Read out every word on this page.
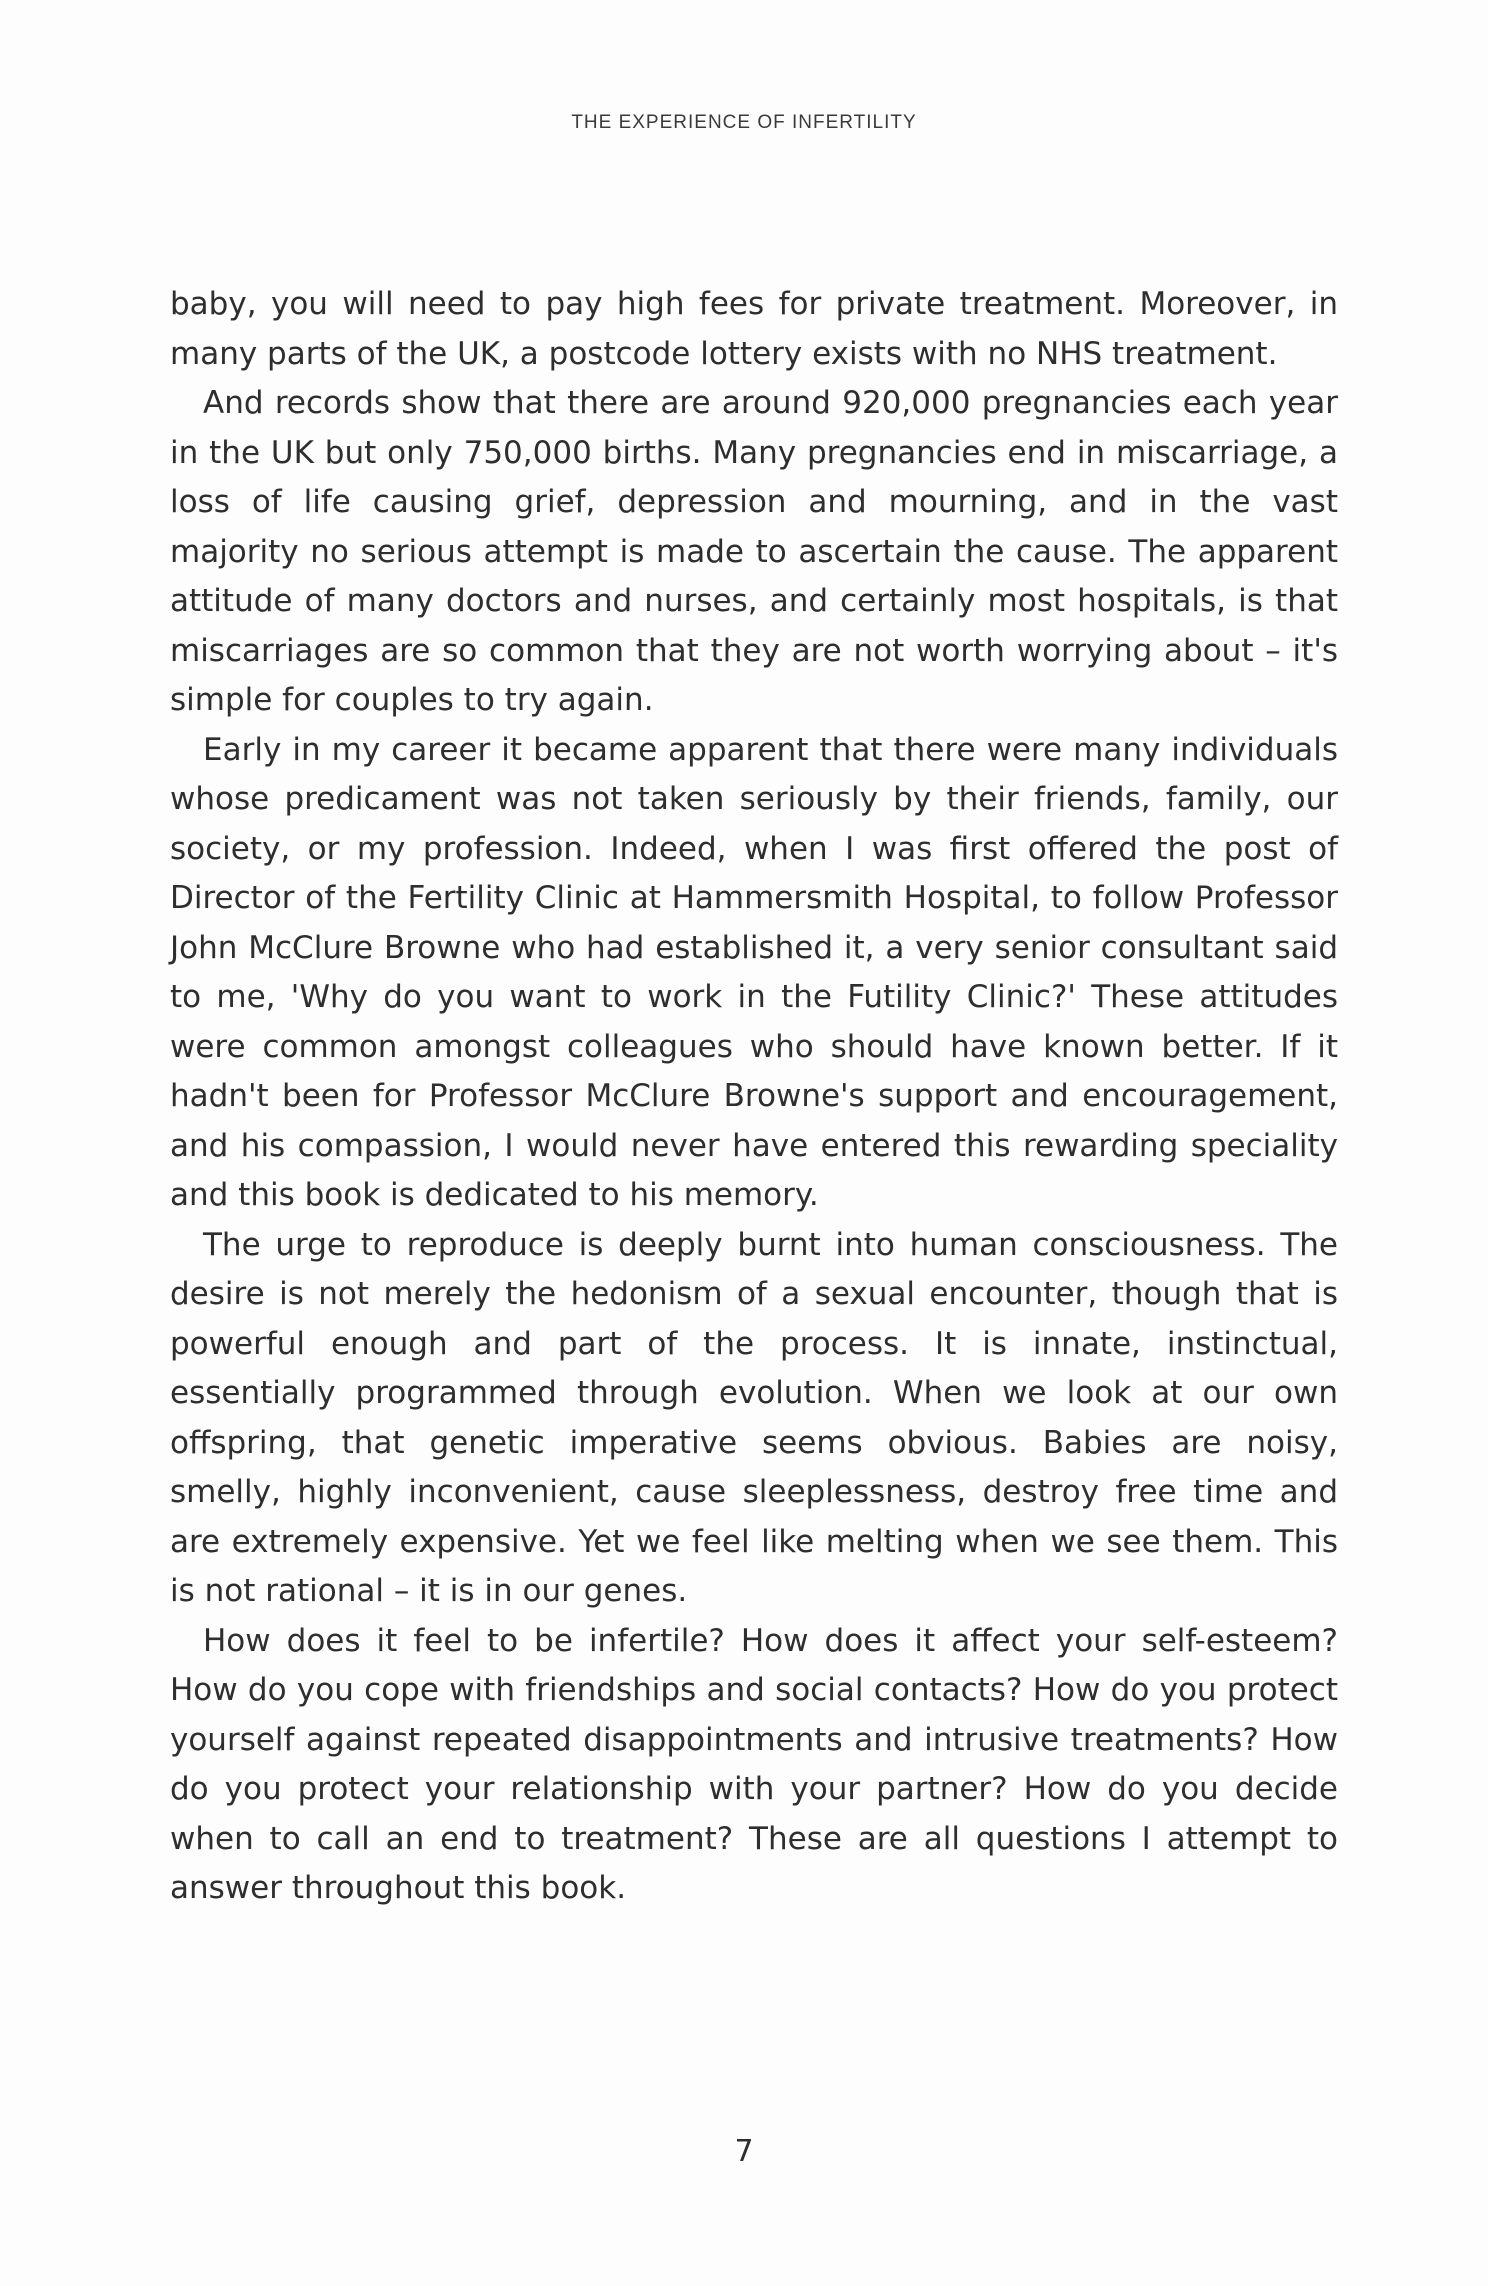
THE EXPERIENCE OF INFERTILITY

baby, you will need to pay high fees for private treatment. Moreover, in many parts of the UK, a postcode lottery exists with no NHS treatment.

And records show that there are around 920,000 pregnancies each year in the UK but only 750,000 births. Many pregnancies end in miscarriage, a loss of life causing grief, depression and mourning, and in the vast majority no serious attempt is made to ascertain the cause. The apparent attitude of many doctors and nurses, and certainly most hospitals, is that miscarriages are so common that they are not worth worrying about – it's simple for couples to try again.

Early in my career it became apparent that there were many individuals whose predicament was not taken seriously by their friends, family, our society, or my profession. Indeed, when I was first offered the post of Director of the Fertility Clinic at Hammersmith Hospital, to follow Professor John McClure Browne who had established it, a very senior consultant said to me, 'Why do you want to work in the Futility Clinic?' These attitudes were common amongst colleagues who should have known better. If it hadn't been for Professor McClure Browne's support and encouragement, and his compassion, I would never have entered this rewarding speciality and this book is dedicated to his memory.

The urge to reproduce is deeply burnt into human consciousness. The desire is not merely the hedonism of a sexual encounter, though that is powerful enough and part of the process. It is innate, instinctual, essentially programmed through evolution. When we look at our own offspring, that genetic imperative seems obvious. Babies are noisy, smelly, highly inconvenient, cause sleeplessness, destroy free time and are extremely expensive. Yet we feel like melting when we see them. This is not rational – it is in our genes.

How does it feel to be infertile? How does it affect your self-esteem? How do you cope with friendships and social contacts? How do you protect yourself against repeated disappointments and intrusive treatments? How do you protect your relationship with your partner? How do you decide when to call an end to treatment? These are all questions I attempt to answer throughout this book.

7
